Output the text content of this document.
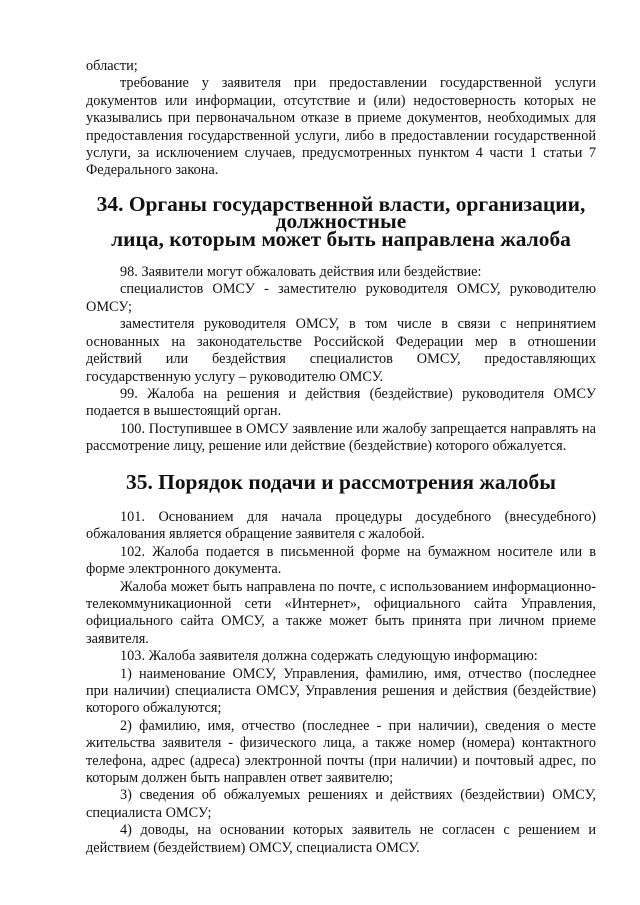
области;

требование у заявителя при предоставлении государственной услуги документов или информации, отсутствие и (или) недостоверность которых не указывались при первоначальном отказе в приеме документов, необходимых для предоставления государственной услуги, либо в предоставлении государственной услуги, за исключением случаев, предусмотренных пунктом 4 части 1 статьи 7 Федерального закона.

34. Органы государственной власти, организации, должностные
лица, которым может быть направлена жалоба

98. Заявители могут обжаловать действия или бездействие:

специалистов ОМСУ - заместителю руководителя ОМСУ, руководителю ОМСУ;

заместителя руководителя ОМСУ, в том числе в связи с непринятием основанных на законодательстве Российской Федерации мер в отношении действий или бездействия специалистов ОМСУ, предоставляющих государственную услугу – руководителю ОМСУ.

99. Жалоба на решения и действия (бездействие) руководителя ОМСУ подается в вышестоящий орган.

100. Поступившее в ОМСУ заявление или жалобу запрещается направлять на рассмотрение лицу, решение или действие (бездействие) которого обжалуется.

35. Порядок подачи и рассмотрения жалобы

101. Основанием для начала процедуры досудебного (внесудебного) обжалования является обращение заявителя с жалобой.

102. Жалоба подается в письменной форме на бумажном носителе или в форме электронного документа.

Жалоба может быть направлена по почте, с использованием информационно-телекоммуникационной сети «Интернет», официального сайта Управления, официального сайта ОМСУ, а также может быть принята при личном приеме заявителя.

103. Жалоба заявителя должна содержать следующую информацию:

1) наименование ОМСУ, Управления, фамилию, имя, отчество (последнее при наличии) специалиста ОМСУ, Управления решения и действия (бездействие) которого обжалуются;

2) фамилию, имя, отчество (последнее - при наличии), сведения о месте жительства заявителя - физического лица, а также номер (номера) контактного телефона, адрес (адреса) электронной почты (при наличии) и почтовый адрес, по которым должен быть направлен ответ заявителю;

3) сведения об обжалуемых решениях и действиях (бездействии) ОМСУ, специалиста ОМСУ;

4) доводы, на основании которых заявитель не согласен с решением и действием (бездействием) ОМСУ, специалиста ОМСУ.
